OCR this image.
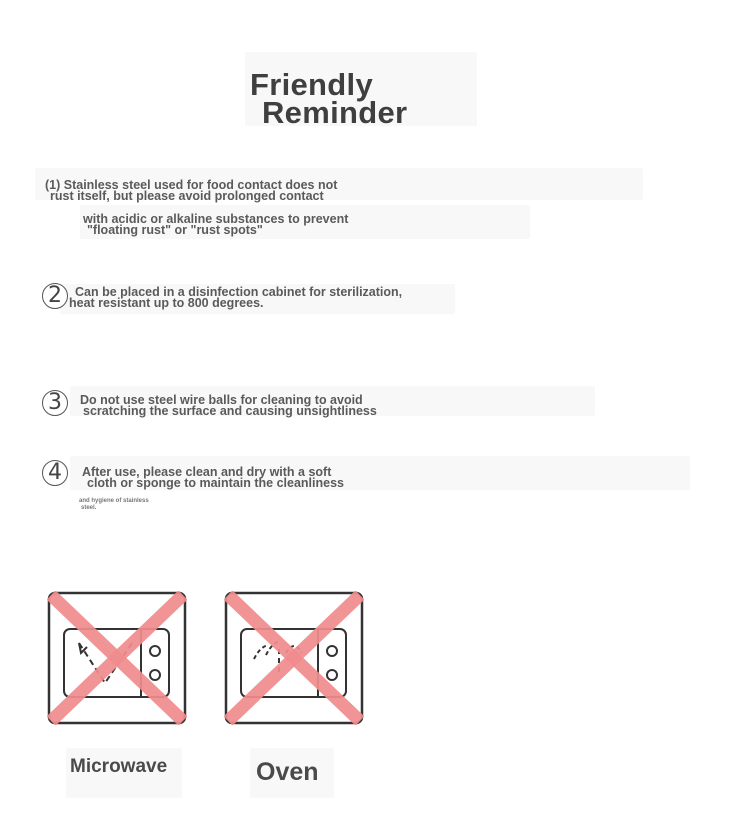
Friendly
Reminder
(1) Stainless steel used for food contact does not
rust itself, but please avoid prolonged contact
with acidic or alkaline substances to prevent
"floating rust" or "rust spots"
2 Can be placed in a disinfection cabinet for sterilization,
heat resistant up to 800 degrees.
3 Do not use steel wire balls for cleaning to avoid
scratching the surface and causing unsightliness
4 After use, please clean and dry with a soft
cloth or sponge to maintain the cleanliness
and hygiene of stainless
steel.
Microwave	Oven
